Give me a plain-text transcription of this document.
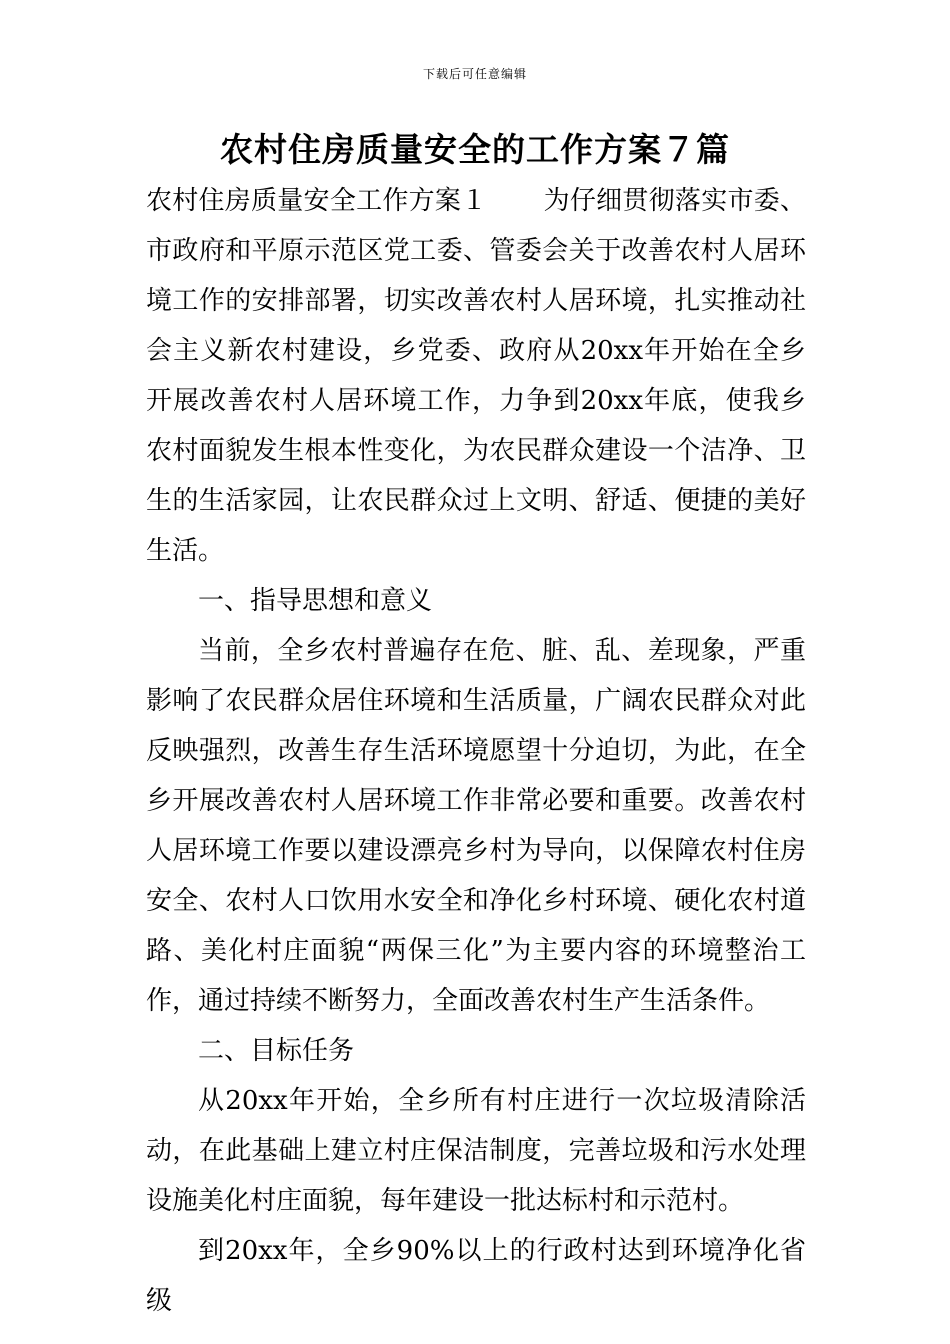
下载后可任意编辑
农村住房质量安全的工作方案７篇

农村住房质量安全工作方案１ 为仔细贯彻落实市委、市政府和平原示范区党工委、管委会关于改善农村人居环境工作的安排部署，切实改善农村人居环境，扎实推动社会主义新农村建设，乡党委、政府从20xx年开始在全乡开展改善农村人居环境工作，力争到20xx年底，使我乡农村面貌发生根本性变化，为农民群众建设一个洁净、卫生的生活家园，让农民群众过上文明、舒适、便捷的美好生活。

一、指导思想和意义

当前，全乡农村普遍存在危、脏、乱、差现象，严重影响了农民群众居住环境和生活质量，广阔农民群众对此反映强烈，改善生存生活环境愿望十分迫切，为此，在全乡开展改善农村人居环境工作非常必要和重要。改善农村人居环境工作要以建设漂亮乡村为导向，以保障农村住房安全、农村人口饮用水安全和净化乡村环境、硬化农村道路、美化村庄面貌“两保三化”为主要内容的环境整治工作，通过持续不断努力，全面改善农村生产生活条件。

二、目标任务

从20xx年开始，全乡所有村庄进行一次垃圾清除活动，在此基础上建立村庄保洁制度，完善垃圾和污水处理设施美化村庄面貌，每年建设一批达标村和示范村。

到20xx年，全乡90%以上的行政村达到环境净化省级
